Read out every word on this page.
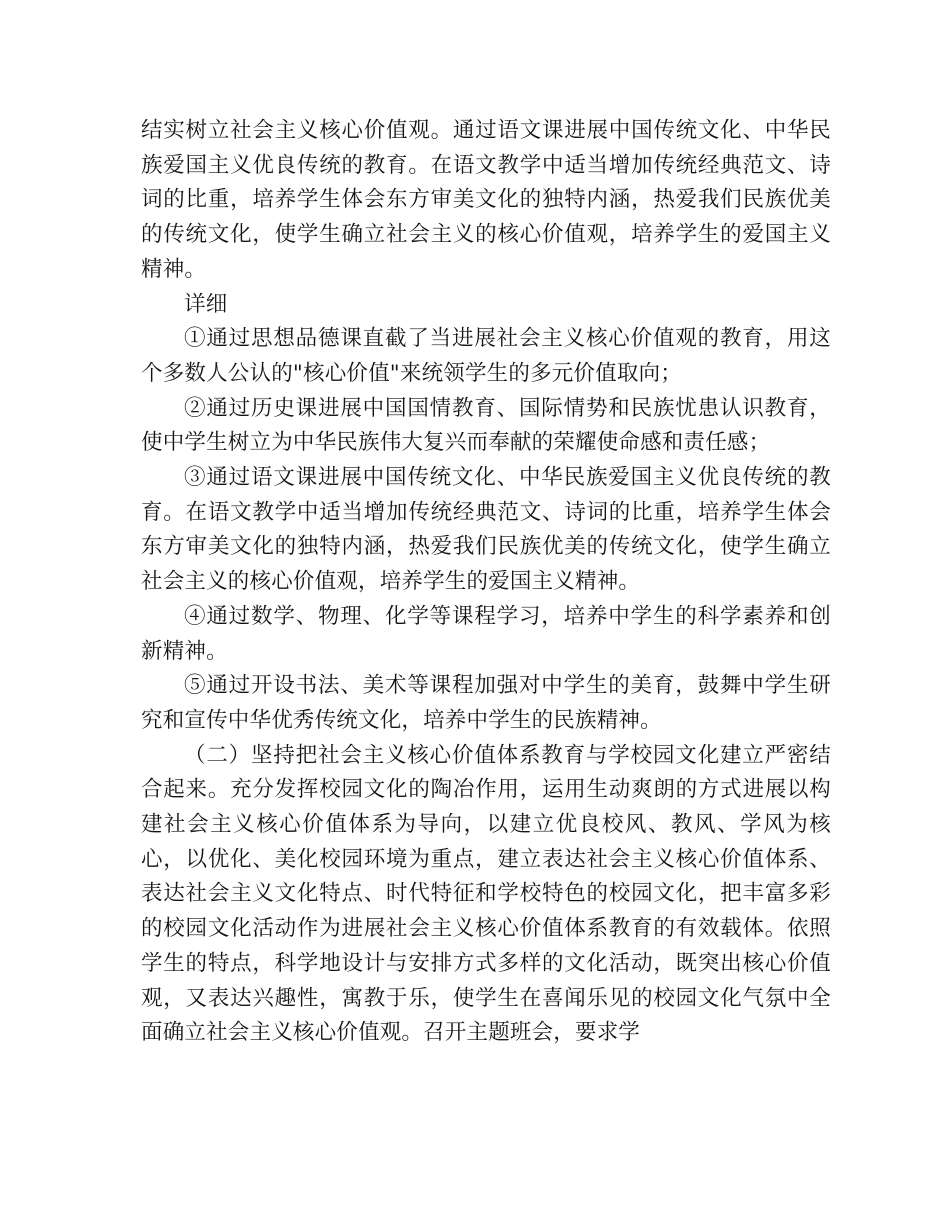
结实树立社会主义核心价值观。通过语文课进展中国传统文化、中华民族爱国主义优良传统的教育。在语文教学中适当增加传统经典范文、诗词的比重，培养学生体会东方审美文化的独特内涵，热爱我们民族优美的传统文化，使学生确立社会主义的核心价值观，培养学生的爱国主义精神。

详细

①通过思想品德课直截了当进展社会主义核心价值观的教育，用这个多数人公认的"核心价值"来统领学生的多元价值取向；

②通过历史课进展中国国情教育、国际情势和民族忧患认识教育，使中学生树立为中华民族伟大复兴而奉献的荣耀使命感和责任感；

③通过语文课进展中国传统文化、中华民族爱国主义优良传统的教育。在语文教学中适当增加传统经典范文、诗词的比重，培养学生体会东方审美文化的独特内涵，热爱我们民族优美的传统文化，使学生确立社会主义的核心价值观，培养学生的爱国主义精神。

④通过数学、物理、化学等课程学习，培养中学生的科学素养和创新精神。

⑤通过开设书法、美术等课程加强对中学生的美育，鼓舞中学生研究和宣传中华优秀传统文化，培养中学生的民族精神。

（二）坚持把社会主义核心价值体系教育与学校园文化建立严密结合起来。充分发挥校园文化的陶冶作用，运用生动爽朗的方式进展以构建社会主义核心价值体系为导向，以建立优良校风、教风、学风为核心，以优化、美化校园环境为重点，建立表达社会主义核心价值体系、表达社会主义文化特点、时代特征和学校特色的校园文化，把丰富多彩的校园文化活动作为进展社会主义核心价值体系教育的有效载体。依照学生的特点，科学地设计与安排方式多样的文化活动，既突出核心价值观，又表达兴趣性，寓教于乐，使学生在喜闻乐见的校园文化气氛中全面确立社会主义核心价值观。召开主题班会，要求学
